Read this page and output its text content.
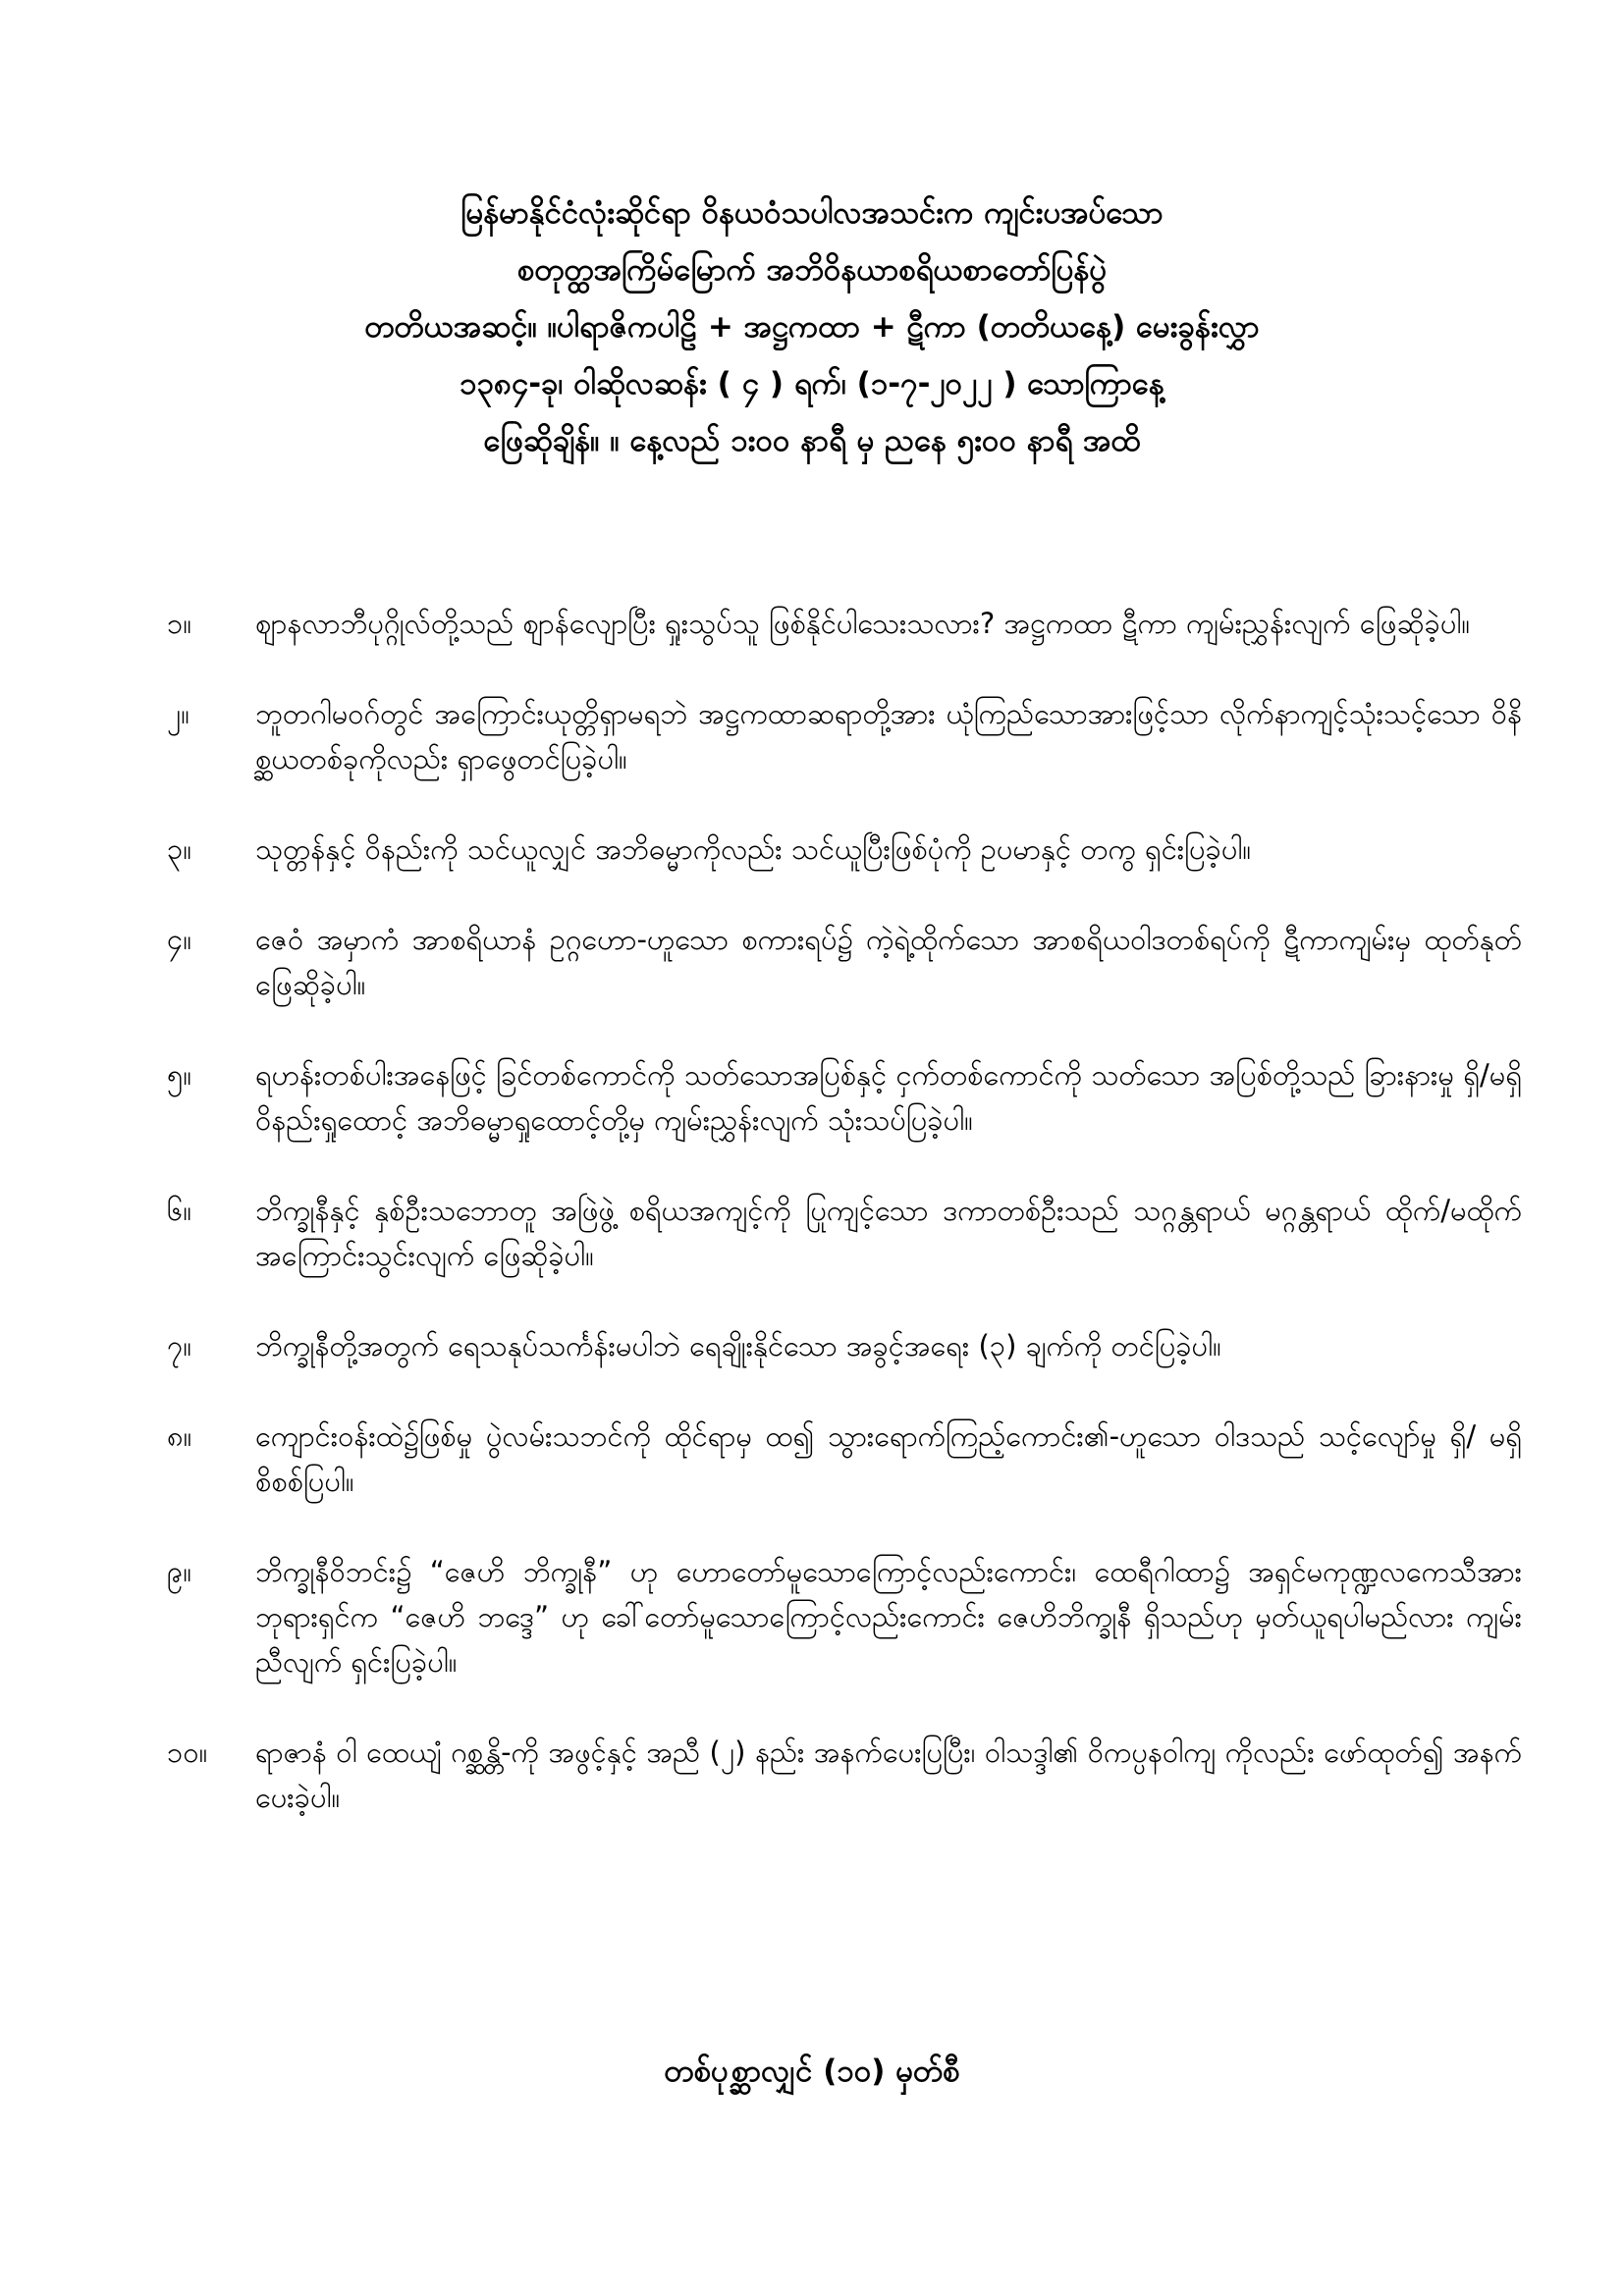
မြန်မာနိုင်ငံလုံးဆိုင်ရာ ဝိနယဝံသပါလအသင်းက ကျင်းပအပ်သော
စတုတ္ထအကြိမ်မြောက် အဘိဝိနယာစရိယစာတော်ပြန်ပွဲ
တတိယအဆင့်။ ။ပါရာဇိကပါဠိ + အဋ္ဌကထာ + ဋီကာ (တတိယနေ့) မေးခွန်းလွှာ
၁၃၈၄-ခု၊ ဝါဆိုလဆန်း ( ၄ ) ရက်၊ (၁-၇-၂၀၂၂ ) သောကြာနေ့
ဖြေဆိုချိန်။ ။ နေ့လည် ၁း၀၀ နာရီ မှ ညနေ ၅း၀၀ နာရီ အထိ
၁။	ဈာနလာဘီပုဂ္ဂိုလ်တို့သည် ဈာန်လျောပြီး ရှုးသွပ်သူ ဖြစ်နိုင်ပါသေးသလား? အဋ္ဌကထာ ဋီကာ ကျမ်းညွှန်းလျက် ဖြေဆိုခဲ့ပါ။
၂။	ဘူတဂါမဝဂ်တွင် အကြောင်းယုတ္တိရှာမရဘဲ အဋ္ဌကထာဆရာတို့အား ယုံကြည်သောအားဖြင့်သာ လိုက်နာကျင့်သုံးသင့်သော ဝိနိစ္ဆယတစ်ခုကိုလည်း ရှာဖွေတင်ပြခဲ့ပါ။
၃။	သုတ္တန်နှင့် ဝိနည်းကို သင်ယူလျှင် အဘိဓမ္မာကိုလည်း သင်ယူပြီးဖြစ်ပုံကို ဥပမာနှင့် တကွ ရှင်းပြခဲ့ပါ။
၄။	ဇေဝံ အမှာကံ အာစရိယာနံ ဥဂ္ဂဟော-ဟူသော စကားရပ်၌ ကဲ့ရဲ့ထိုက်သော အာစရိယဝါဒတစ်ရပ်ကို ဋီကာကျမ်းမှ ထုတ်နုတ်ဖြေဆိုခဲ့ပါ။
၅။	ရဟန်းတစ်ပါးအနေဖြင့် ခြင်တစ်ကောင်ကို သတ်သောအပြစ်နှင့် ငှက်တစ်ကောင်ကို သတ်သော အပြစ်တို့သည် ခြားနားမှု ရှိ/မရှိ ဝိနည်းရှုထောင့် အဘိဓမ္မာရှုထောင့်တို့မှ ကျမ်းညွှန်းလျက် သုံးသပ်ပြခဲ့ပါ။
၆။	ဘိက္ခုနီနှင့် နှစ်ဦးသဘောတူ အဖြဲဖွဲ့ စရိယအကျင့်ကို ပြုကျင့်သော ဒကာတစ်ဦးသည် သဂ္ဂန္တရာယ် မဂ္ဂန္တရာယ် ထိုက်/မထိုက် အကြောင်းသွင်းလျက် ဖြေဆိုခဲ့ပါ။
၇။	ဘိက္ခုနီတို့အတွက် ရေသနုပ်သင်္ကန်းမပါဘဲ ရေချိုးနိုင်သော အခွင့်အရေး (၃) ချက်ကို တင်ပြခဲ့ပါ။
၈။	ကျောင်းဝန်းထဲ၌ဖြစ်မှု ပွဲလမ်းသဘင်ကို ထိုင်ရာမှ ထ၍ သွားရောက်ကြည့်ကောင်း၏-ဟူသော ဝါဒသည် သင့်လျော်မှု ရှိ/ မရှိ စိစစ်ပြပါ။
၉။	ဘိက္ခုနီဝိဘင်း၌ “ဇေဟိ ဘိက္ခုနီ” ဟု ဟောတော်မူသောကြောင့်လည်းကောင်း၊ ထေရီဂါထာ၌ အရှင်မကုဏ္ဍလကေသီအား ဘုရားရှင်က “ဇေဟိ ဘဒ္ဒေ” ဟု ခေါ်တော်မူသောကြောင့်လည်းကောင်း ဇေဟိဘိက္ခုနီ ရှိသည်ဟု မှတ်ယူရပါမည်လား ကျမ်းညီလျက် ရှင်းပြခဲ့ပါ။
၁၀။	ရာဇာနံ ဝါ ထေယျံ ဂစ္ဆန္တိ-ကို အဖွင့်နှင့် အညီ (၂) နည်း အနက်ပေးပြပြီး၊ ဝါသဒ္ဒါ၏ ဝိကပ္ပနဝါကျ ကိုလည်း ဖော်ထုတ်၍ အနက်ပေးခဲ့ပါ။
တစ်ပုစ္ဆာလျှင် (၁၀) မှတ်စီ
